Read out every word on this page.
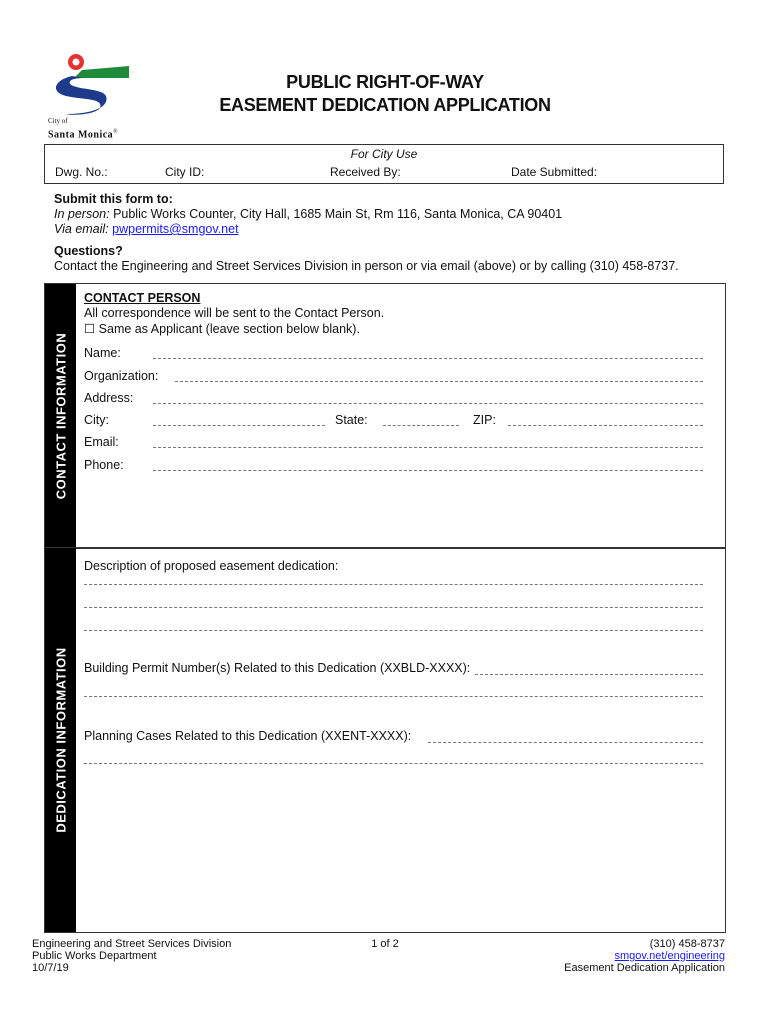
City of
Santa Monica®
PUBLIC RIGHT-OF-WAY
EASEMENT DEDICATION APPLICATION
For City Use
Dwg. No.:	City ID:	Received By:	Date Submitted:
Submit this form to:
In person: Public Works Counter, City Hall, 1685 Main St, Rm 116, Santa Monica, CA 90401
Via email: pwpermits@smgov.net
Questions?
Contact the Engineering and Street Services Division in person or via email (above) or by calling (310) 458-8737.
CONTACT INFORMATION
CONTACT PERSON
All correspondence will be sent to the Contact Person.
☐ Same as Applicant (leave section below blank).
Name:
Organization:
Address:
City:	State:	ZIP:
Email:
Phone:
DEDICATION INFORMATION
Description of proposed easement dedication:
Building Permit Number(s) Related to this Dedication (XXBLD-XXXX):
Planning Cases Related to this Dedication (XXENT-XXXX):
Engineering and Street Services Division
Public Works Department
10/7/19
1 of 2	(310) 458-8737
smgov.net/engineering
Easement Dedication Application
